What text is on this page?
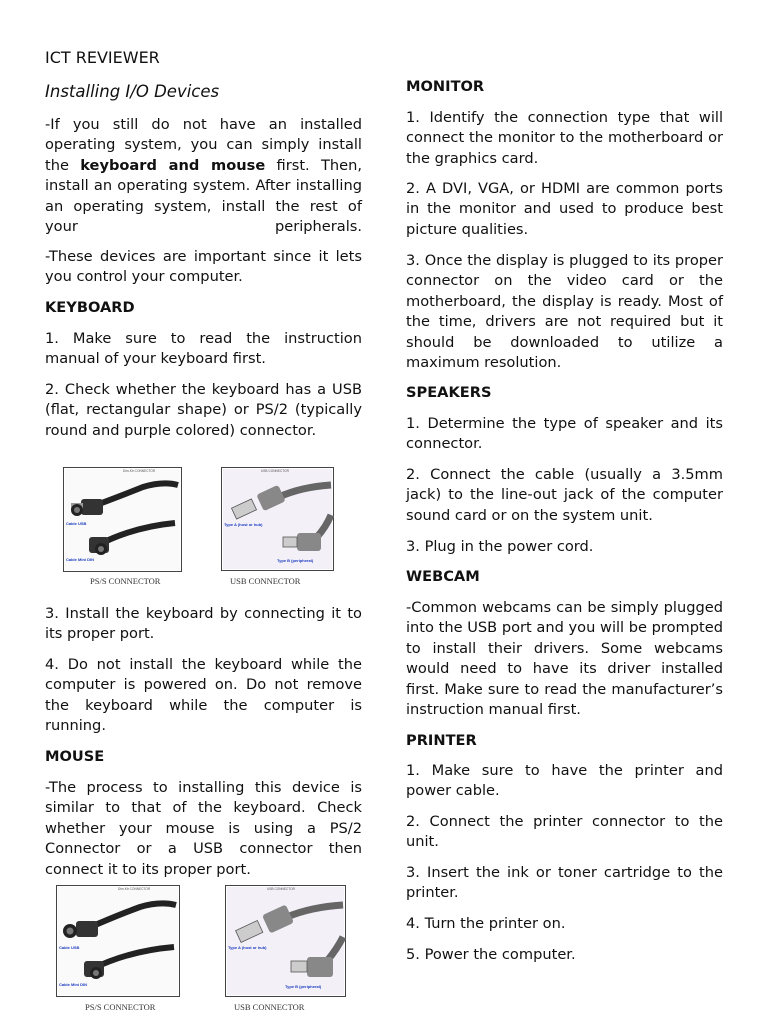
ICT REVIEWER
Installing I/O Devices

-If you still do not have an installed operating system, you can simply install the keyboard and mouse first. Then, install an operating system. After installing an operating system, install the rest of your peripherals.

-These devices are important since it lets you control your computer.

KEYBOARD

1. Make sure to read the instruction manual of your keyboard first.

2. Check whether the keyboard has a USB (flat, rectangular shape) or PS/2 (typically round and purple colored) connector.

Dim-Ktr CONNECTOR
Cable USB
Cable Mini DIN
PS/S CONNECTOR
USB CONNECTOR
Type A (host or hub)
Type B (peripheral)
USB CONNECTOR

3. Install the keyboard by connecting it to its proper port.

4. Do not install the keyboard while the computer is powered on. Do not remove the keyboard while the computer is running.

MOUSE

-The process to installing this device is similar to that of the keyboard. Check whether your mouse is using a PS/2 Connector or a USB connector then connect it to its proper port.

Dim-Ktr CONNECTOR
Cable USB
Cable Mini DIN
PS/S CONNECTOR
USB CONNECTOR
Type A (host or hub)
Type B (peripheral)
USB CONNECTOR
MONITOR

1. Identify the connection type that will connect the monitor to the motherboard or the graphics card.

2. A DVI, VGA, or HDMI are common ports in the monitor and used to produce best picture qualities.

3. Once the display is plugged to its proper connector on the video card or the motherboard, the display is ready. Most of the time, drivers are not required but it should be downloaded to utilize a maximum resolution.

SPEAKERS

1. Determine the type of speaker and its connector.

2. Connect the cable (usually a 3.5mm jack) to the line-out jack of the computer sound card or on the system unit.

3. Plug in the power cord.

WEBCAM

-Common webcams can be simply plugged into the USB port and you will be prompted to install their drivers. Some webcams would need to have its driver installed first. Make sure to read the manufacturer’s instruction manual first.

PRINTER

1. Make sure to have the printer and power cable.

2. Connect the printer connector to the unit.

3. Insert the ink or toner cartridge to the printer.

4. Turn the printer on.

5. Power the computer.
